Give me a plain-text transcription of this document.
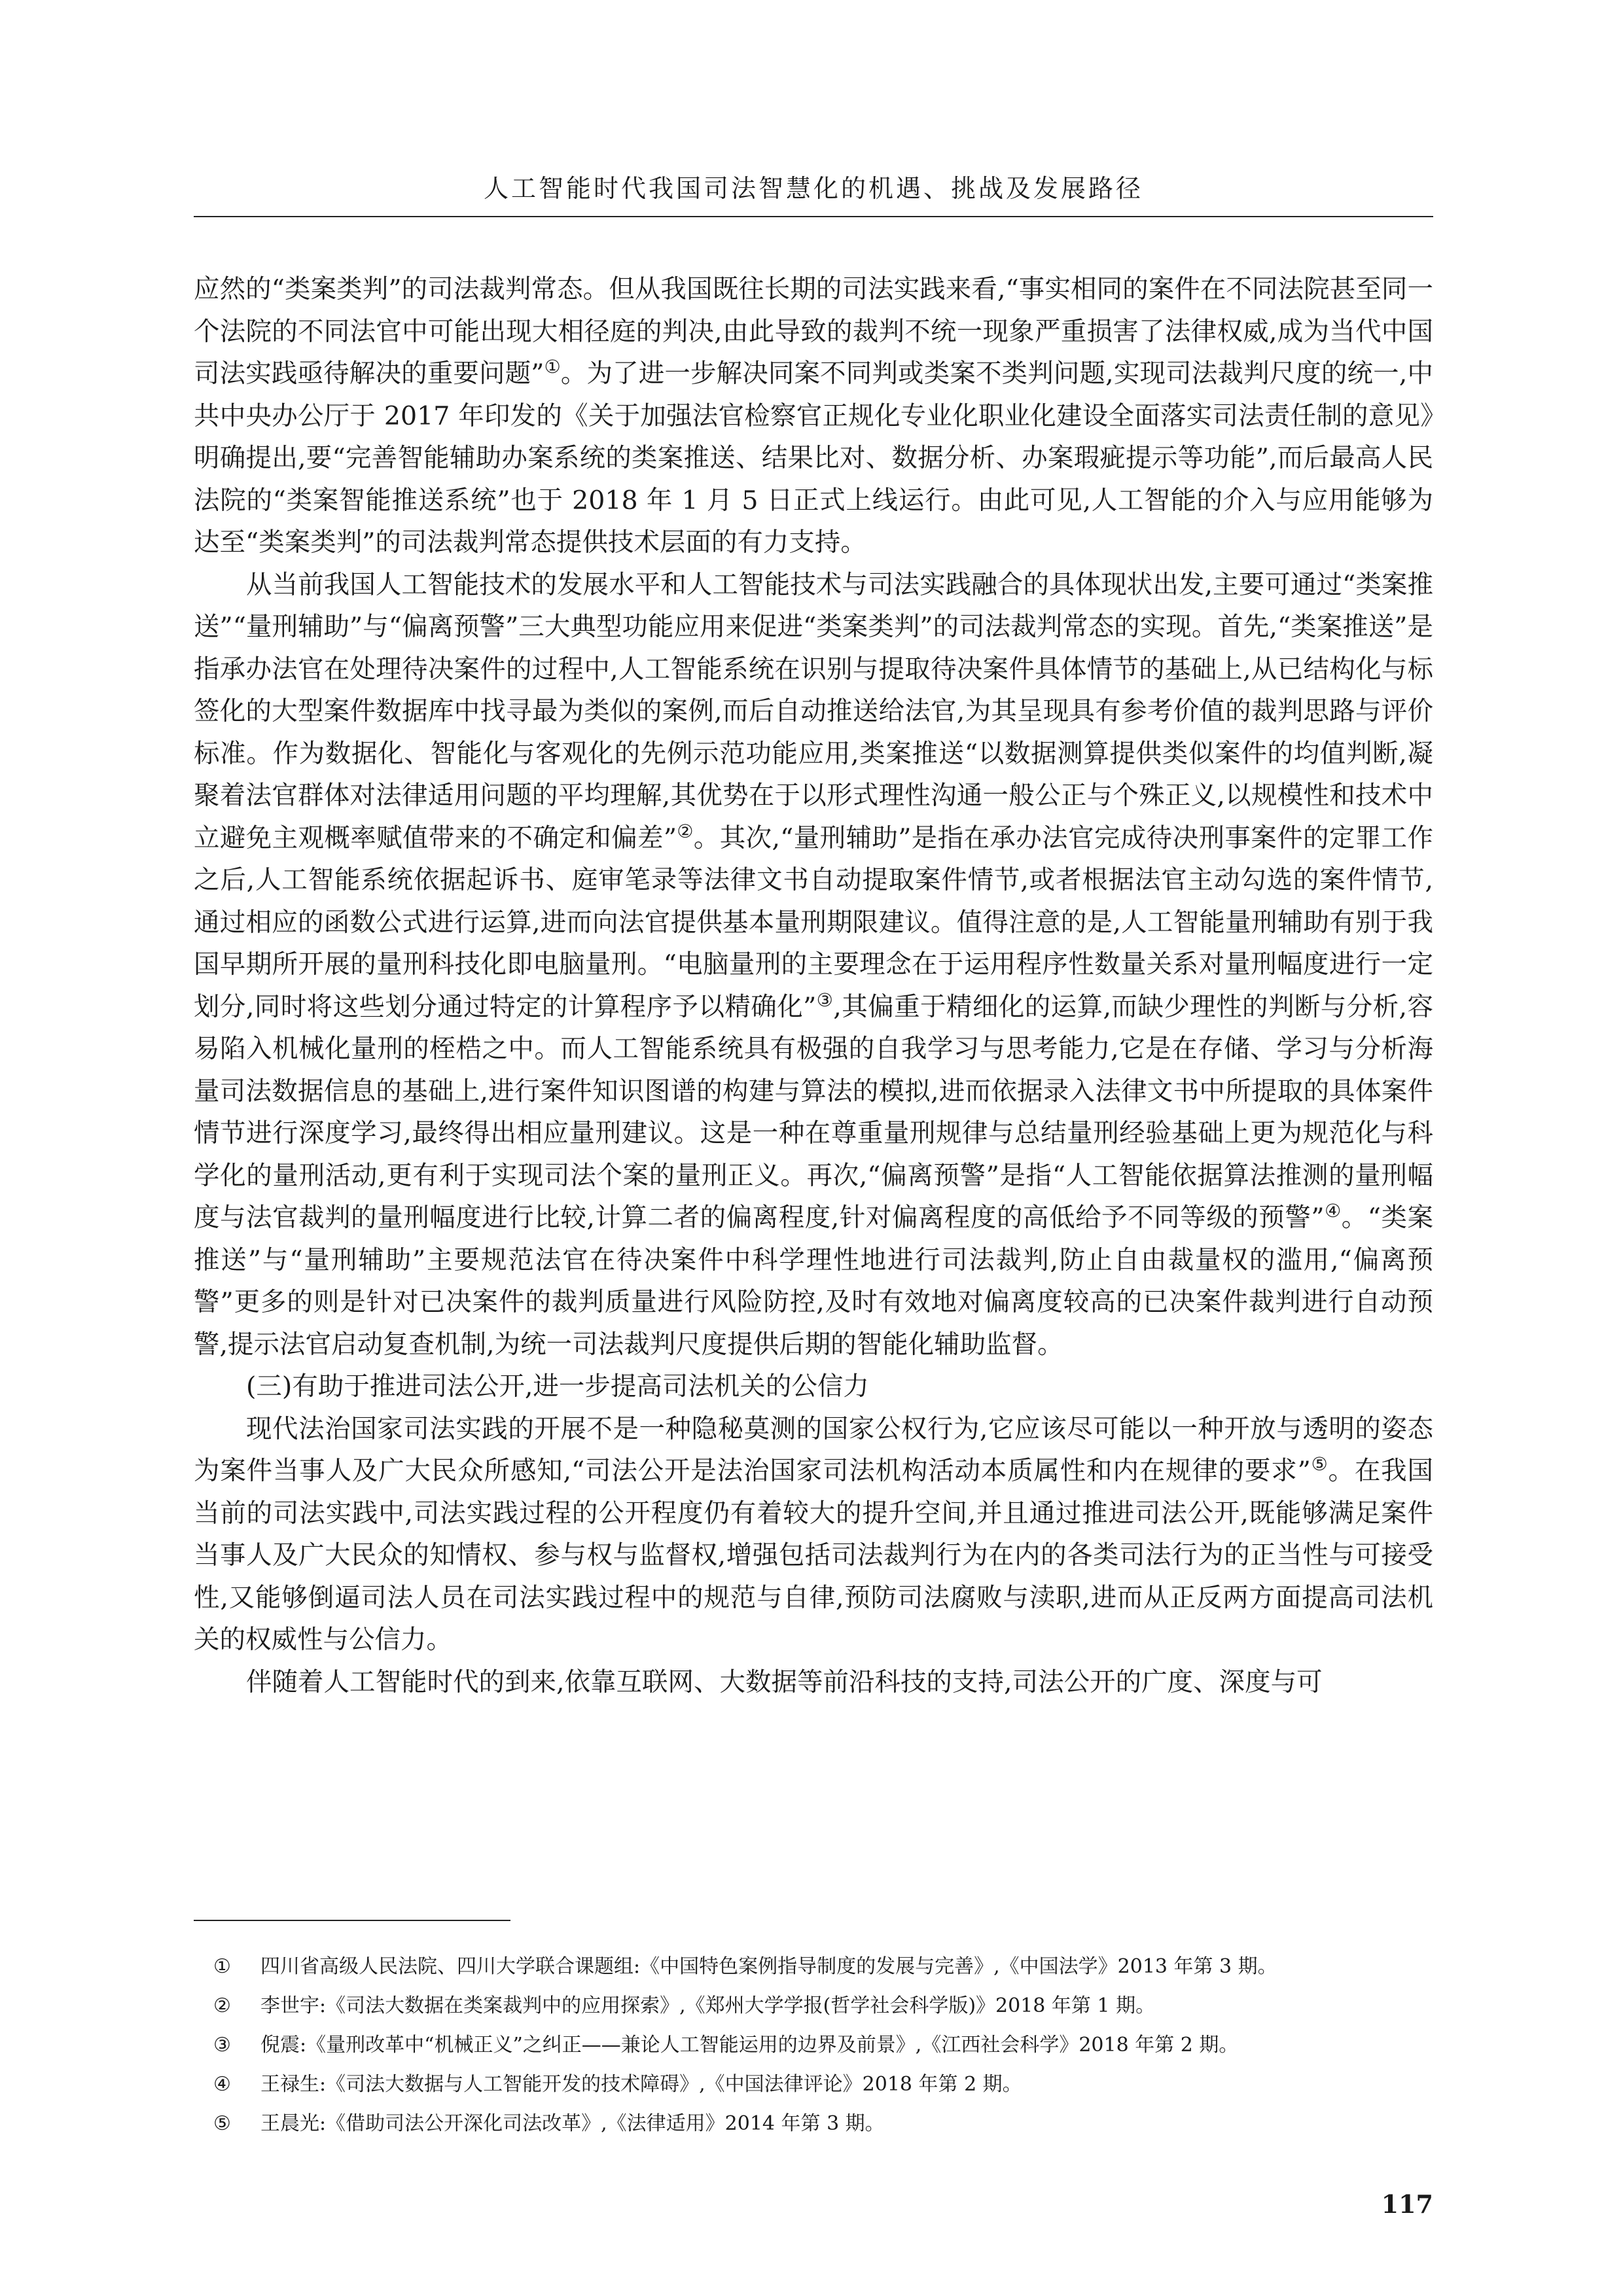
人工智能时代我国司法智慧化的机遇、挑战及发展路径

应然的“类案类判”的司法裁判常态。但从我国既往长期的司法实践来看,“事实相同的案件在不同法院甚至同一个法院的不同法官中可能出现大相径庭的判决,由此导致的裁判不统一现象严重损害了法律权威,成为当代中国司法实践亟待解决的重要问题”①。为了进一步解决同案不同判或类案不类判问题,实现司法裁判尺度的统一,中共中央办公厅于 2017 年印发的《关于加强法官检察官正规化专业化职业化建设全面落实司法责任制的意见》明确提出,要“完善智能辅助办案系统的类案推送、结果比对、数据分析、办案瑕疵提示等功能”,而后最高人民法院的“类案智能推送系统”也于 2018 年 1 月 5 日正式上线运行。由此可见,人工智能的介入与应用能够为达至“类案类判”的司法裁判常态提供技术层面的有力支持。

从当前我国人工智能技术的发展水平和人工智能技术与司法实践融合的具体现状出发,主要可通过“类案推送”“量刑辅助”与“偏离预警”三大典型功能应用来促进“类案类判”的司法裁判常态的实现。首先,“类案推送”是指承办法官在处理待决案件的过程中,人工智能系统在识别与提取待决案件具体情节的基础上,从已结构化与标签化的大型案件数据库中找寻最为类似的案例,而后自动推送给法官,为其呈现具有参考价值的裁判思路与评价标准。作为数据化、智能化与客观化的先例示范功能应用,类案推送“以数据测算提供类似案件的均值判断,凝聚着法官群体对法律适用问题的平均理解,其优势在于以形式理性沟通一般公正与个殊正义,以规模性和技术中立避免主观概率赋值带来的不确定和偏差”②。其次,“量刑辅助”是指在承办法官完成待决刑事案件的定罪工作之后,人工智能系统依据起诉书、庭审笔录等法律文书自动提取案件情节,或者根据法官主动勾选的案件情节,通过相应的函数公式进行运算,进而向法官提供基本量刑期限建议。值得注意的是,人工智能量刑辅助有别于我国早期所开展的量刑科技化即电脑量刑。“电脑量刑的主要理念在于运用程序性数量关系对量刑幅度进行一定划分,同时将这些划分通过特定的计算程序予以精确化”③,其偏重于精细化的运算,而缺少理性的判断与分析,容易陷入机械化量刑的桎梏之中。而人工智能系统具有极强的自我学习与思考能力,它是在存储、学习与分析海量司法数据信息的基础上,进行案件知识图谱的构建与算法的模拟,进而依据录入法律文书中所提取的具体案件情节进行深度学习,最终得出相应量刑建议。这是一种在尊重量刑规律与总结量刑经验基础上更为规范化与科学化的量刑活动,更有利于实现司法个案的量刑正义。再次,“偏离预警”是指“人工智能依据算法推测的量刑幅度与法官裁判的量刑幅度进行比较,计算二者的偏离程度,针对偏离程度的高低给予不同等级的预警”④。“类案推送”与“量刑辅助”主要规范法官在待决案件中科学理性地进行司法裁判,防止自由裁量权的滥用,“偏离预警”更多的则是针对已决案件的裁判质量进行风险防控,及时有效地对偏离度较高的已决案件裁判进行自动预警,提示法官启动复查机制,为统一司法裁判尺度提供后期的智能化辅助监督。

(三)有助于推进司法公开,进一步提高司法机关的公信力

现代法治国家司法实践的开展不是一种隐秘莫测的国家公权行为,它应该尽可能以一种开放与透明的姿态为案件当事人及广大民众所感知,“司法公开是法治国家司法机构活动本质属性和内在规律的要求”⑤。在我国当前的司法实践中,司法实践过程的公开程度仍有着较大的提升空间,并且通过推进司法公开,既能够满足案件当事人及广大民众的知情权、参与权与监督权,增强包括司法裁判行为在内的各类司法行为的正当性与可接受性,又能够倒逼司法人员在司法实践过程中的规范与自律,预防司法腐败与渎职,进而从正反两方面提高司法机关的权威性与公信力。

伴随着人工智能时代的到来,依靠互联网、大数据等前沿科技的支持,司法公开的广度、深度与可

①	四川省高级人民法院、四川大学联合课题组:《中国特色案例指导制度的发展与完善》,《中国法学》2013 年第 3 期。
②	李世宇:《司法大数据在类案裁判中的应用探索》,《郑州大学学报(哲学社会科学版)》2018 年第 1 期。
③	倪震:《量刑改革中“机械正义”之纠正——兼论人工智能运用的边界及前景》,《江西社会科学》2018 年第 2 期。
④	王禄生:《司法大数据与人工智能开发的技术障碍》,《中国法律评论》2018 年第 2 期。
⑤	王晨光:《借助司法公开深化司法改革》,《法律适用》2014 年第 3 期。
117
